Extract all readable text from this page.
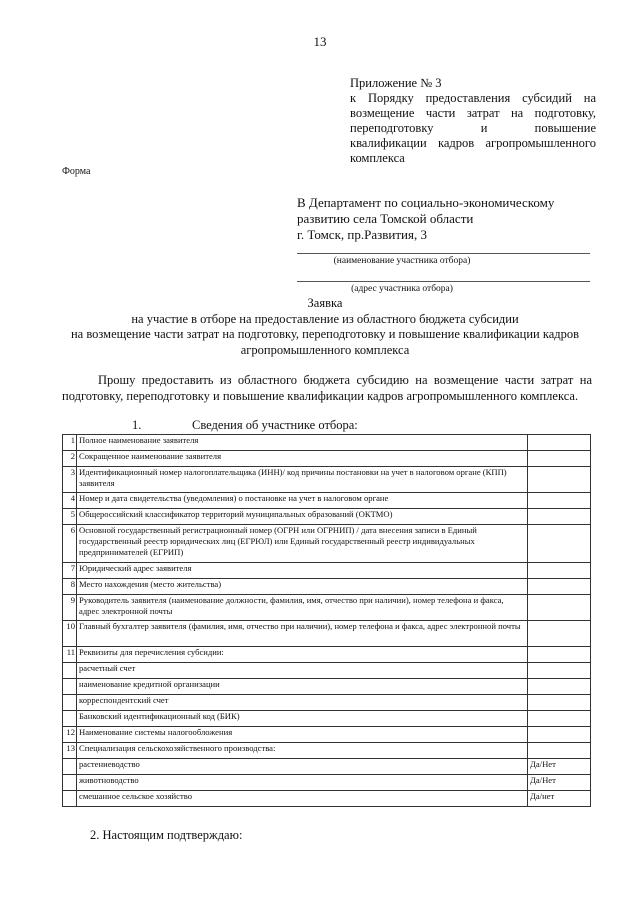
13
Приложение № 3
к Порядку предоставления субсидий на
возмещение части затрат на подготовку,
переподготовку и повышение
квалификации кадров агропромышленного
комплекса
Форма
В Департамент по социально-экономическому
развитию села Томской области
г. Томск, пр.Развития, 3
(наименование участника отбора)
(адрес участника отбора)
Заявка
на участие в отборе на предоставление из областного бюджета субсидии
на возмещение части затрат на подготовку, переподготовку и повышение квалификации кадров
агропромышленного комплекса
Прошу предоставить из областного бюджета субсидию на возмещение части затрат на подготовку, переподготовку и повышение квалификации кадров агропромышленного комплекса.
1.	Сведения об участнике отбора:
1	Полное наименование заявителя	
2	Сокращенное наименование заявителя	
3	Идентификационный номер налогоплательщика (ИНН)/ код причины постановки на учет в налоговом органе (КПП) заявителя	
4	Номер и дата свидетельства (уведомления) о постановке на учет в налоговом органе	
5	Общероссийский классификатор территорий муниципальных образований (ОКТМО)	
6	Основной государственный регистрационный номер (ОГРН или ОГРНИП) / дата внесения записи в Единый государственный реестр юридических лиц (ЕГРЮЛ) или Единый государственный реестр индивидуальных предпринимателей (ЕГРИП)	
7	Юридический адрес заявителя	
8	Место нахождения (место жительства)	
9	Руководитель заявителя (наименование должности, фамилия, имя, отчество при наличии), номер телефона и факса, адрес электронной почты	
10	Главный бухгалтер заявителя (фамилия, имя, отчество при наличии), номер телефона и факса, адрес электронной почты	
11	Реквизиты для перечисления субсидии:	
	расчетный счет	
	наименование кредитной организации	
	корреспондентский счет	
	Банковский идентификационный код (БИК)	
12	Наименование системы налогообложения	
13	Специализация сельскохозяйственного производства:	
	растениеводство	Да/Нет
	животноводство	Да/Нет
	смешанное сельское хозяйство	Да/нет
2. Настоящим подтверждаю:
